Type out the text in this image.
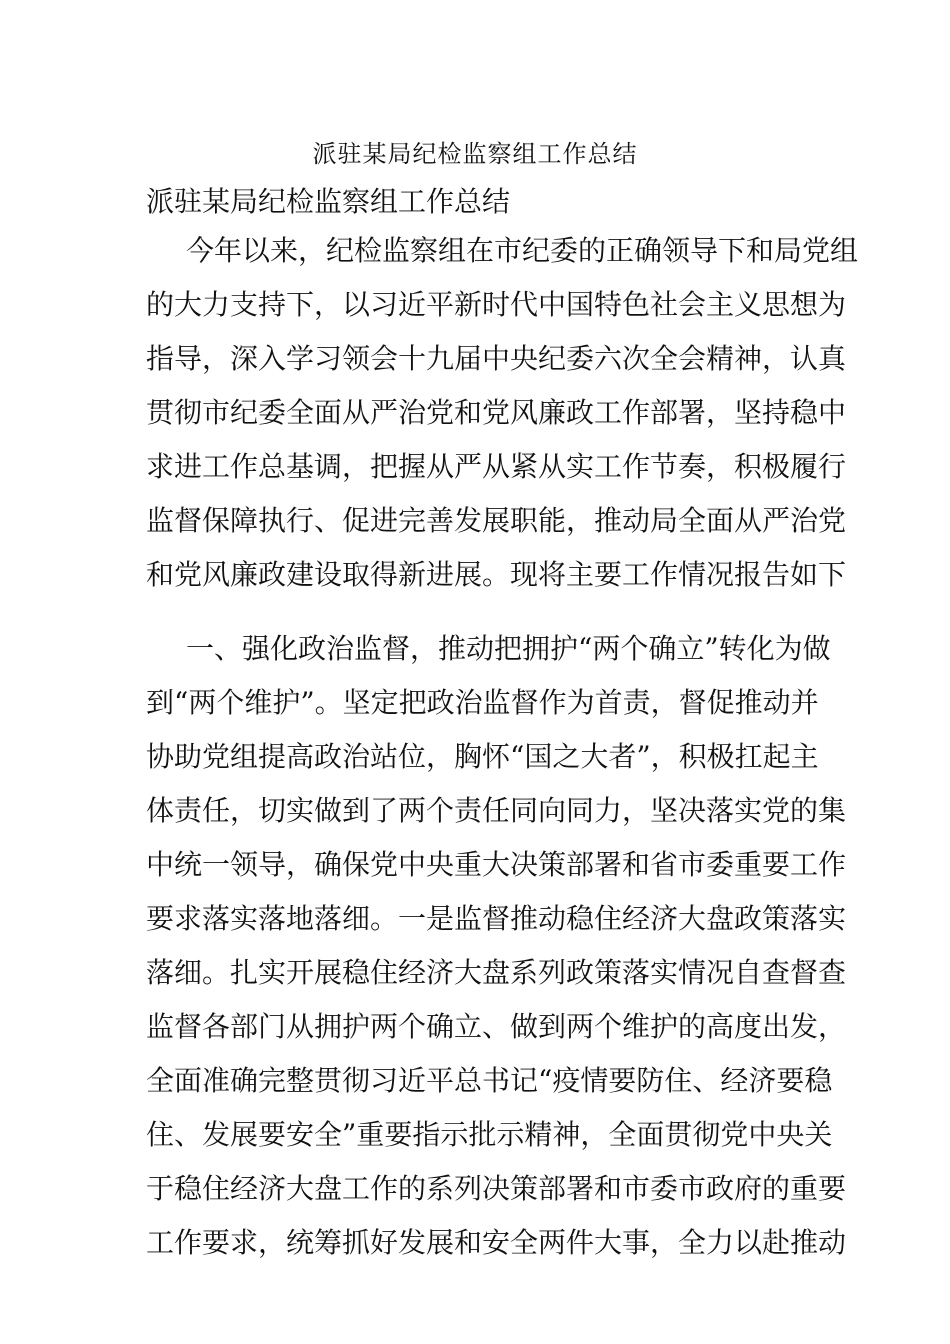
派驻某局纪检监察组工作总结
派驻某局纪检监察组工作总结
今年以来，纪检监察组在市纪委的正确领导下和局党组
的大力支持下，以习近平新时代中国特色社会主义思想为
指导，深入学习领会十九届中央纪委六次全会精神，认真
贯彻市纪委全面从严治党和党风廉政工作部署，坚持稳中
求进工作总基调，把握从严从紧从实工作节奏，积极履行
监督保障执行、促进完善发展职能，推动局全面从严治党
和党风廉政建设取得新进展。现将主要工作情况报告如下
一、强化政治监督，推动把拥护“两个确立”转化为做
到“两个维护”。坚定把政治监督作为首责，督促推动并
协助党组提高政治站位，胸怀“国之大者”，积极扛起主
体责任，切实做到了两个责任同向同力，坚决落实党的集
中统一领导，确保党中央重大决策部署和省市委重要工作
要求落实落地落细。一是监督推动稳住经济大盘政策落实
落细。扎实开展稳住经济大盘系列政策落实情况自查督查
监督各部门从拥护两个确立、做到两个维护的高度出发，
全面准确完整贯彻习近平总书记“疫情要防住、经济要稳
住、发展要安全”重要指示批示精神，全面贯彻党中央关
于稳住经济大盘工作的系列决策部署和市委市政府的重要
工作要求，统筹抓好发展和安全两件大事，全力以赴推动
